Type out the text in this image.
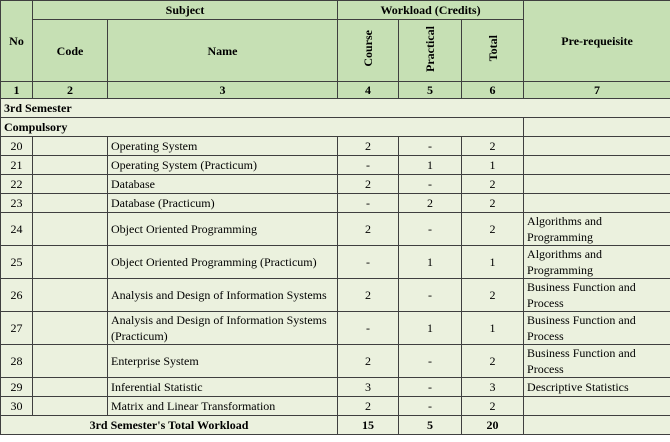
No	Subject		Workload (Credits)			Pre-requeisite
	Code	Name	Course	Practical	Total	
1	2	3	4	5	6	7
3rd Semester						
Compulsory						
20		Operating System	2	-	2	
21		Operating System (Practicum)	-	1	1	
22		Database	2	-	2	
23		Database (Practicum)	-	2	2	
24		Object Oriented Programming	2	-	2	Algorithms and Programming
25		Object Oriented Programming (Practicum)	-	1	1	Algorithms and Programming
26		Analysis and Design of Information Systems	2	-	2	Business Function and Process
27		Analysis and Design of Information Systems (Practicum)	-	1	1	Business Function and Process
28		Enterprise System	2	-	2	Business Function and Process
29		Inferential Statistic	3	-	3	Descriptive Statistics
30		Matrix and Linear Transformation	2	-	2	
3rd Semester's Total Workload			15	5	20	
